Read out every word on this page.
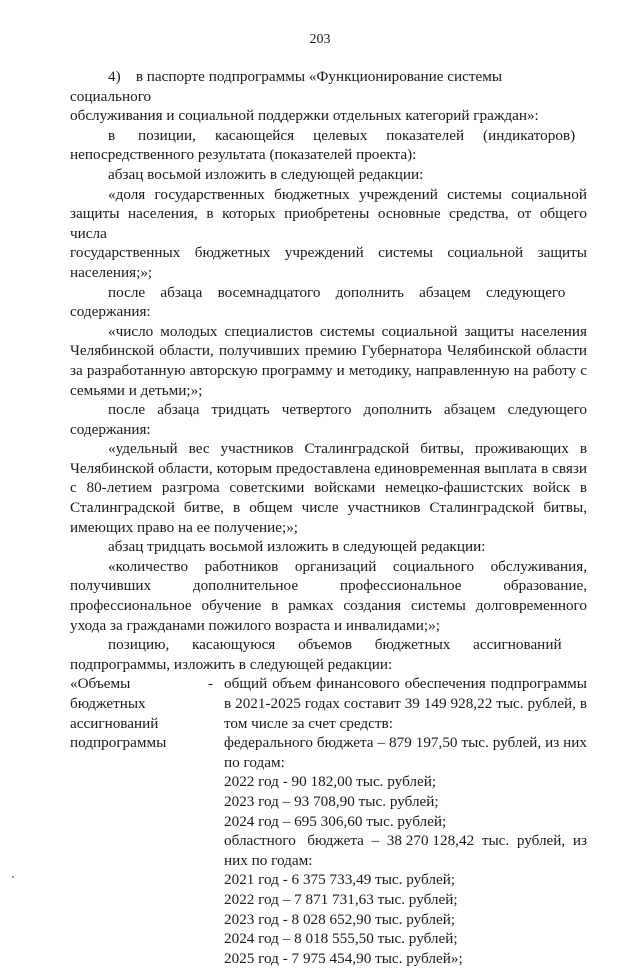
203
4)    в паспорте подпрограммы «Функционирование системы социального
обслуживания и социальной поддержки отдельных категорий граждан»:
в      позиции,     касающейся     целевых     показателей     (индикаторов)
непосредственного результата (показателей проекта):
абзац восьмой изложить в следующей редакции:
«доля государственных бюджетных учреждений системы социальной
защиты населения, в которых приобретены основные средства, от общего числа
государственных бюджетных учреждений системы социальной защиты
населения;»;
после    абзаца    восемнадцатого    дополнить    абзацем    следующего
содержания:
«число молодых специалистов системы социальной защиты населения
Челябинской области, получивших премию Губернатора Челябинской области
за разработанную авторскую программу и методику, направленную на работу с
семьями и детьми;»;
после абзаца тридцать четвертого дополнить абзацем следующего
содержания:
«удельный вес участников Сталинградской битвы, проживающих в
Челябинской области, которым предоставлена единовременная выплата в связи
с 80-летием разгрома советскими войсками немецко-фашистских войск в
Сталинградской битве, в общем числе участников Сталинградской битвы,
имеющих право на ее получение;»;
абзац тридцать восьмой изложить в следующей редакции:
«количество работников организаций социального обслуживания,
получивших        дополнительное        профессиональное        образование,
профессиональное обучение в рамках создания системы долговременного
ухода за гражданами пожилого возраста и инвалидами;»;
позицию,      касающуюся      объемов      бюджетных      ассигнований
подпрограммы, изложить в следующей редакции:
«Объемы
бюджетных
ассигнований
подпрограммы
- общий объем финансового обеспечения подпрограммы
в 2021-2025 годах составит 39 149 928,22 тыс. рублей, в
том числе за счет средств:
федерального бюджета – 879 197,50 тыс. рублей, из них
по годам:
2022 год - 90 182,00 тыс. рублей;
2023 год – 93 708,90 тыс. рублей;
2024 год – 695 306,60 тыс. рублей;
областного   бюджета  –  38 270 128,42  тыс.  рублей,  из
них по годам:
2021 год - 6 375 733,49 тыс. рублей;
2022 год – 7 871 731,63 тыс. рублей;
2023 год - 8 028 652,90 тыс. рублей;
2024 год – 8 018 555,50 тыс. рублей;
2025 год - 7 975 454,90 тыс. рублей»;
